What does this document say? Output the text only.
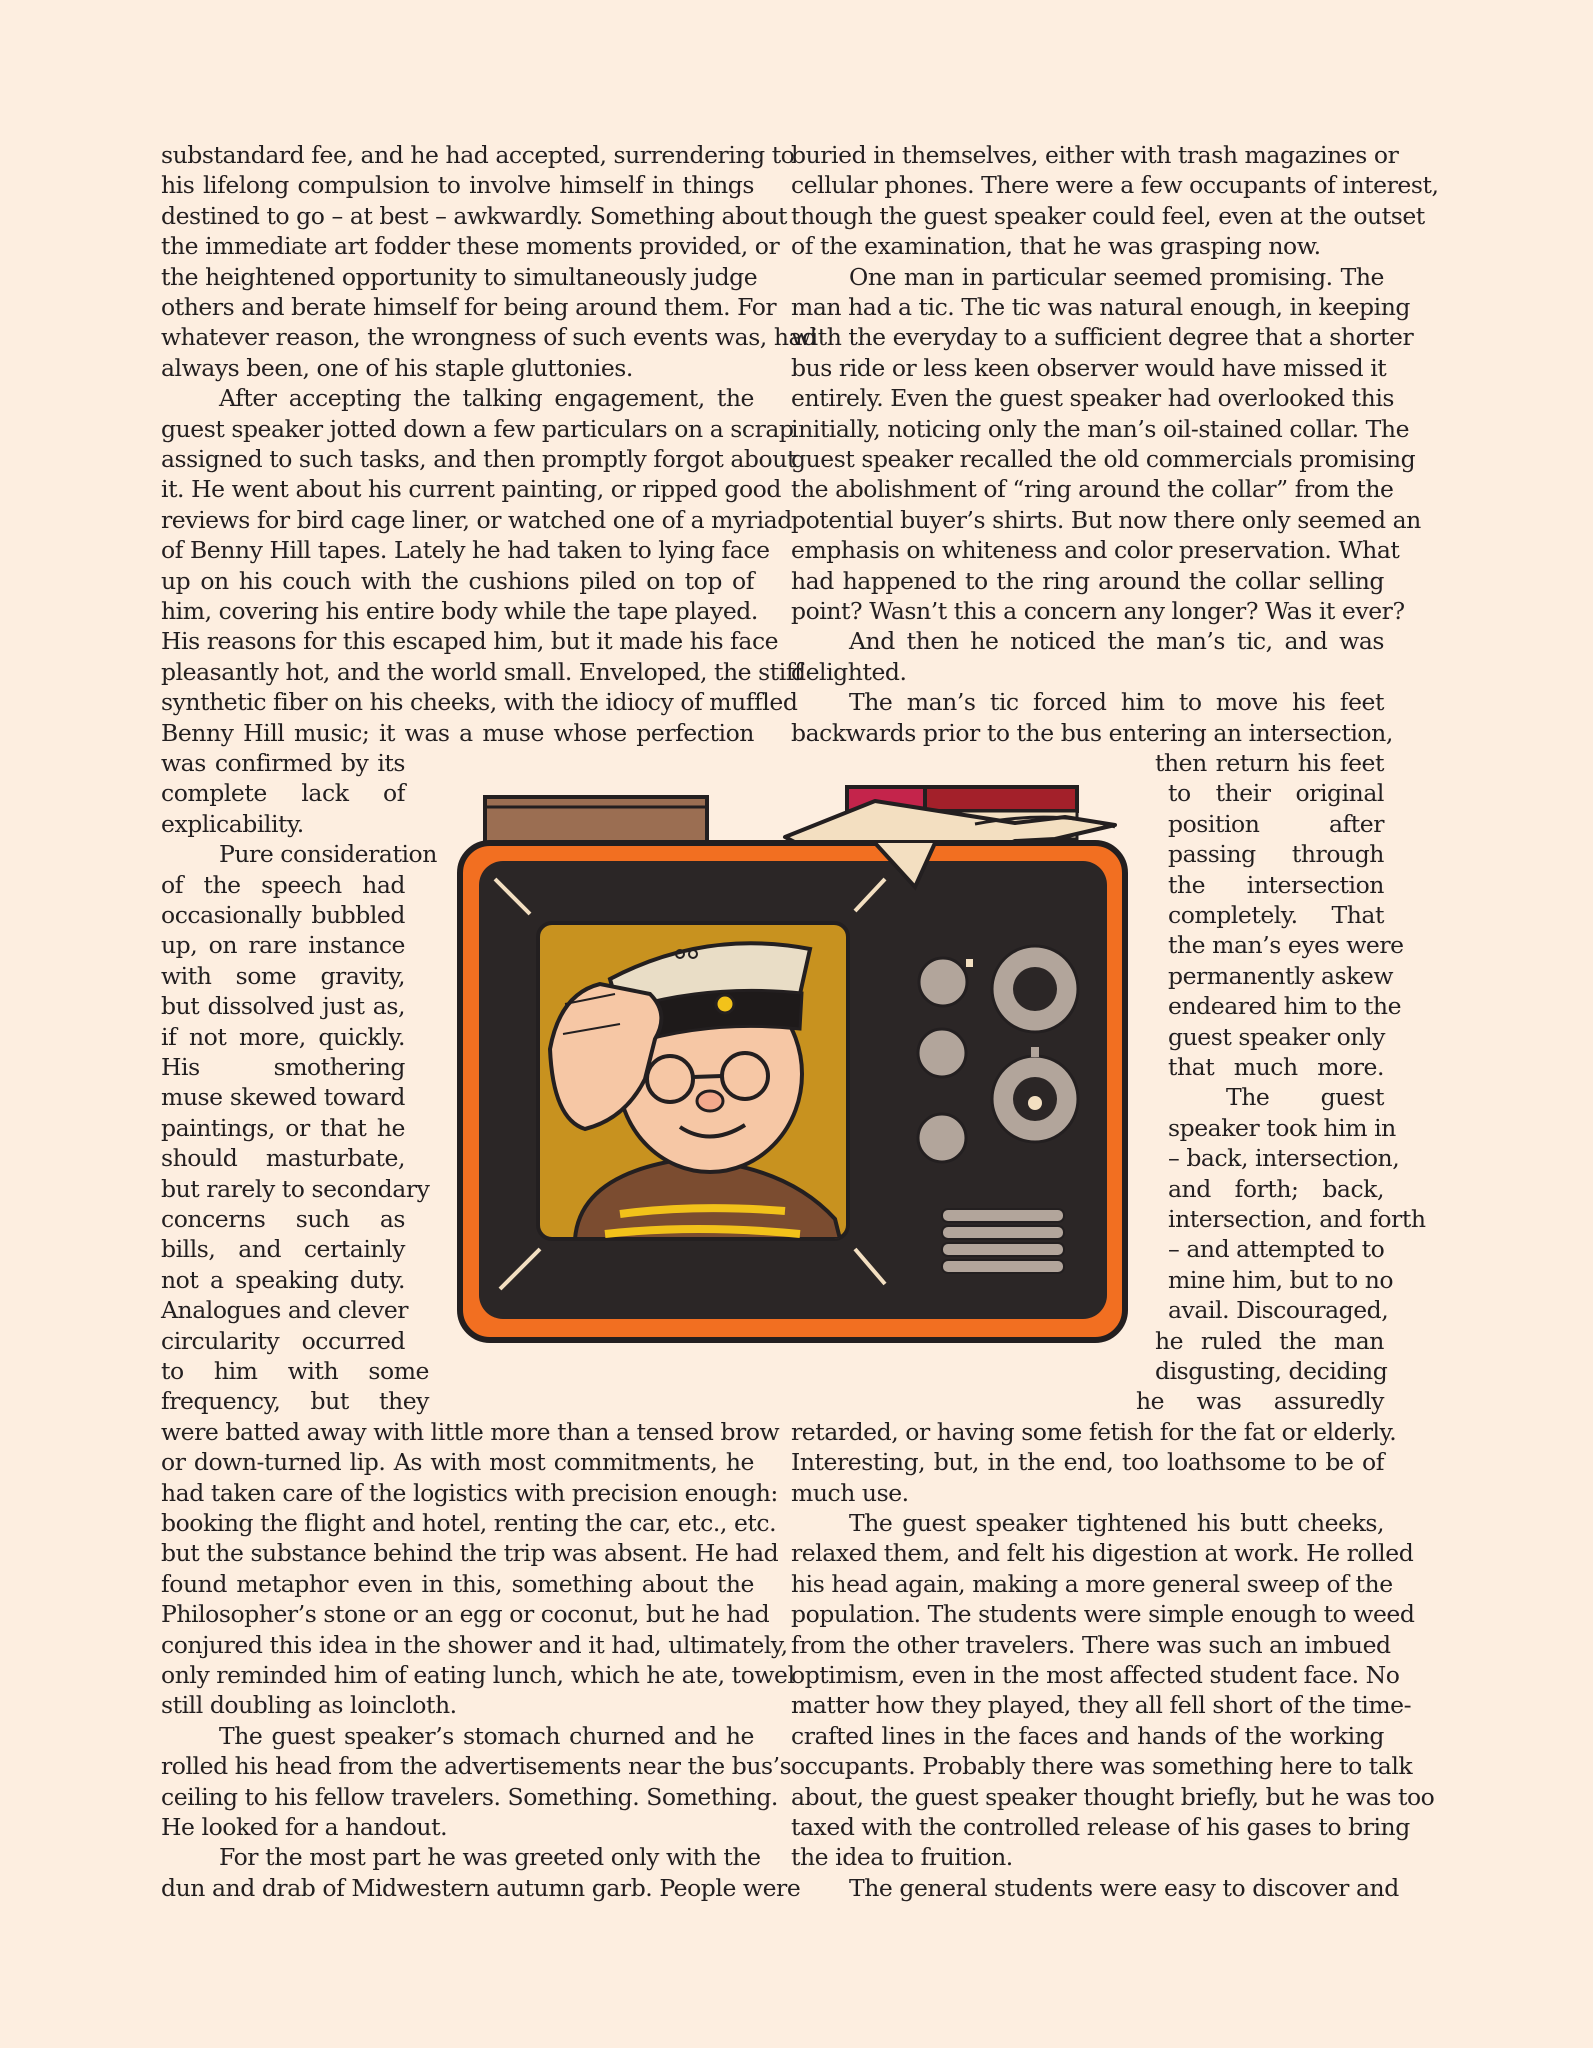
substandard fee, and he had accepted, surrendering to
his lifelong compulsion to involve himself in things
destined to go – at best – awkwardly. Something about
the immediate art fodder these moments provided, or
the heightened opportunity to simultaneously judge
others and berate himself for being around them. For
whatever reason, the wrongness of such events was, had
always been, one of his staple gluttonies.
After accepting the talking engagement, the
guest speaker jotted down a few particulars on a scrap
assigned to such tasks, and then promptly forgot about
it. He went about his current painting, or ripped good
reviews for bird cage liner, or watched one of a myriad
of Benny Hill tapes. Lately he had taken to lying face
up on his couch with the cushions piled on top of
him, covering his entire body while the tape played.
His reasons for this escaped him, but it made his face
pleasantly hot, and the world small. Enveloped, the stiff
synthetic fiber on his cheeks, with the idiocy of muffled
Benny Hill music; it was a muse whose perfection
was confirmed by its
complete lack of
explicability.
Pure consideration
of the speech had
occasionally bubbled
up, on rare instance
with some gravity,
but dissolved just as,
if not more, quickly.
His smothering
muse skewed toward
paintings, or that he
should masturbate,
but rarely to secondary
concerns such as
bills, and certainly
not a speaking duty.
Analogues and clever
circularity occurred
to him with some
frequency, but they
were batted away with little more than a tensed brow
or down-turned lip. As with most commitments, he
had taken care of the logistics with precision enough:
booking the flight and hotel, renting the car, etc., etc.
but the substance behind the trip was absent. He had
found metaphor even in this, something about the
Philosopher’s stone or an egg or coconut, but he had
conjured this idea in the shower and it had, ultimately,
only reminded him of eating lunch, which he ate, towel
still doubling as loincloth.
The guest speaker’s stomach churned and he
rolled his head from the advertisements near the bus’s
ceiling to his fellow travelers. Something. Something.
He looked for a handout.
For the most part he was greeted only with the
dun and drab of Midwestern autumn garb. People were
buried in themselves, either with trash magazines or
cellular phones. There were a few occupants of interest,
though the guest speaker could feel, even at the outset
of the examination, that he was grasping now.
One man in particular seemed promising. The
man had a tic. The tic was natural enough, in keeping
with the everyday to a sufficient degree that a shorter
bus ride or less keen observer would have missed it
entirely. Even the guest speaker had overlooked this
initially, noticing only the man’s oil-stained collar. The
guest speaker recalled the old commercials promising
the abolishment of “ring around the collar” from the
potential buyer’s shirts. But now there only seemed an
emphasis on whiteness and color preservation. What
had happened to the ring around the collar selling
point? Wasn’t this a concern any longer? Was it ever?
And then he noticed the man’s tic, and was
delighted.
The man’s tic forced him to move his feet
backwards prior to the bus entering an intersection,
then return his feet
to their original
position after
passing through
the intersection
completely. That
the man’s eyes were
permanently askew
endeared him to the
guest speaker only
that much more.
The guest
speaker took him in
– back, intersection,
and forth; back,
intersection, and forth
– and attempted to
mine him, but to no
avail. Discouraged,
he ruled the man
disgusting, deciding
he was assuredly
retarded, or having some fetish for the fat or elderly.
Interesting, but, in the end, too loathsome to be of
much use.
The guest speaker tightened his butt cheeks,
relaxed them, and felt his digestion at work. He rolled
his head again, making a more general sweep of the
population. The students were simple enough to weed
from the other travelers. There was such an imbued
optimism, even in the most affected student face. No
matter how they played, they all fell short of the time-
crafted lines in the faces and hands of the working
occupants. Probably there was something here to talk
about, the guest speaker thought briefly, but he was too
taxed with the controlled release of his gases to bring
the idea to fruition.
The general students were easy to discover and
